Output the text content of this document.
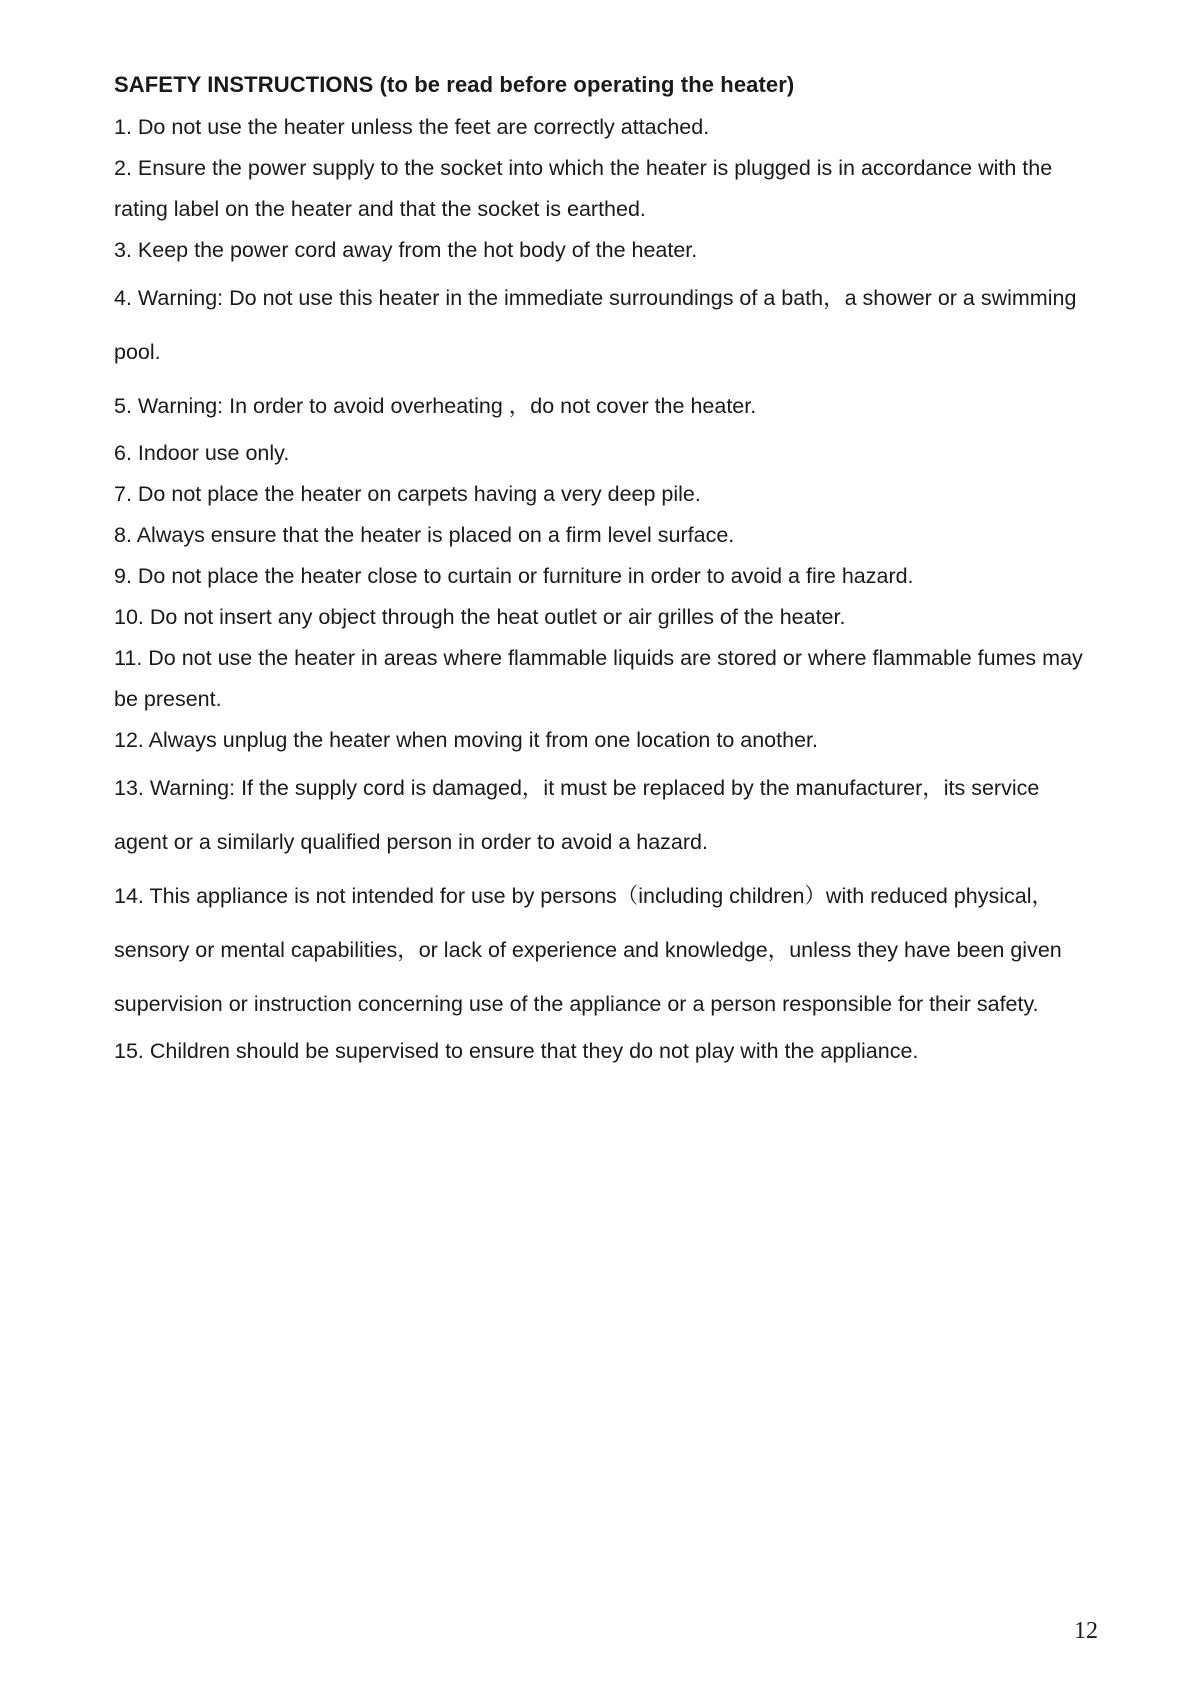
SAFETY INSTRUCTIONS (to be read before operating the heater)

1. Do not use the heater unless the feet are correctly attached.

2. Ensure the power supply to the socket into which the heater is plugged is in accordance with the rating label on the heater and that the socket is earthed.

3. Keep the power cord away from the hot body of the heater.

4. Warning: Do not use this heater in the immediate surroundings of a bath，a shower or a swimming pool.

5. Warning: In order to avoid overheating ，do not cover the heater.

6. Indoor use only.

7. Do not place the heater on carpets having a very deep pile.

8. Always ensure that the heater is placed on a firm level surface.

9. Do not place the heater close to curtain or furniture in order to avoid a fire hazard.

10. Do not insert any object through the heat outlet or air grilles of the heater.

11. Do not use the heater in areas where flammable liquids are stored or where flammable fumes may be present.

12. Always unplug the heater when moving it from one location to another.

13. Warning: If the supply cord is damaged，it must be replaced by the manufacturer，its service agent or a similarly qualified person in order to avoid a hazard.

14. This appliance is not intended for use by persons（including children）with reduced physical，sensory or mental capabilities，or lack of experience and knowledge，unless they have been given supervision or instruction concerning use of the appliance or a person responsible for their safety.

15. Children should be supervised to ensure that they do not play with the appliance.

12
